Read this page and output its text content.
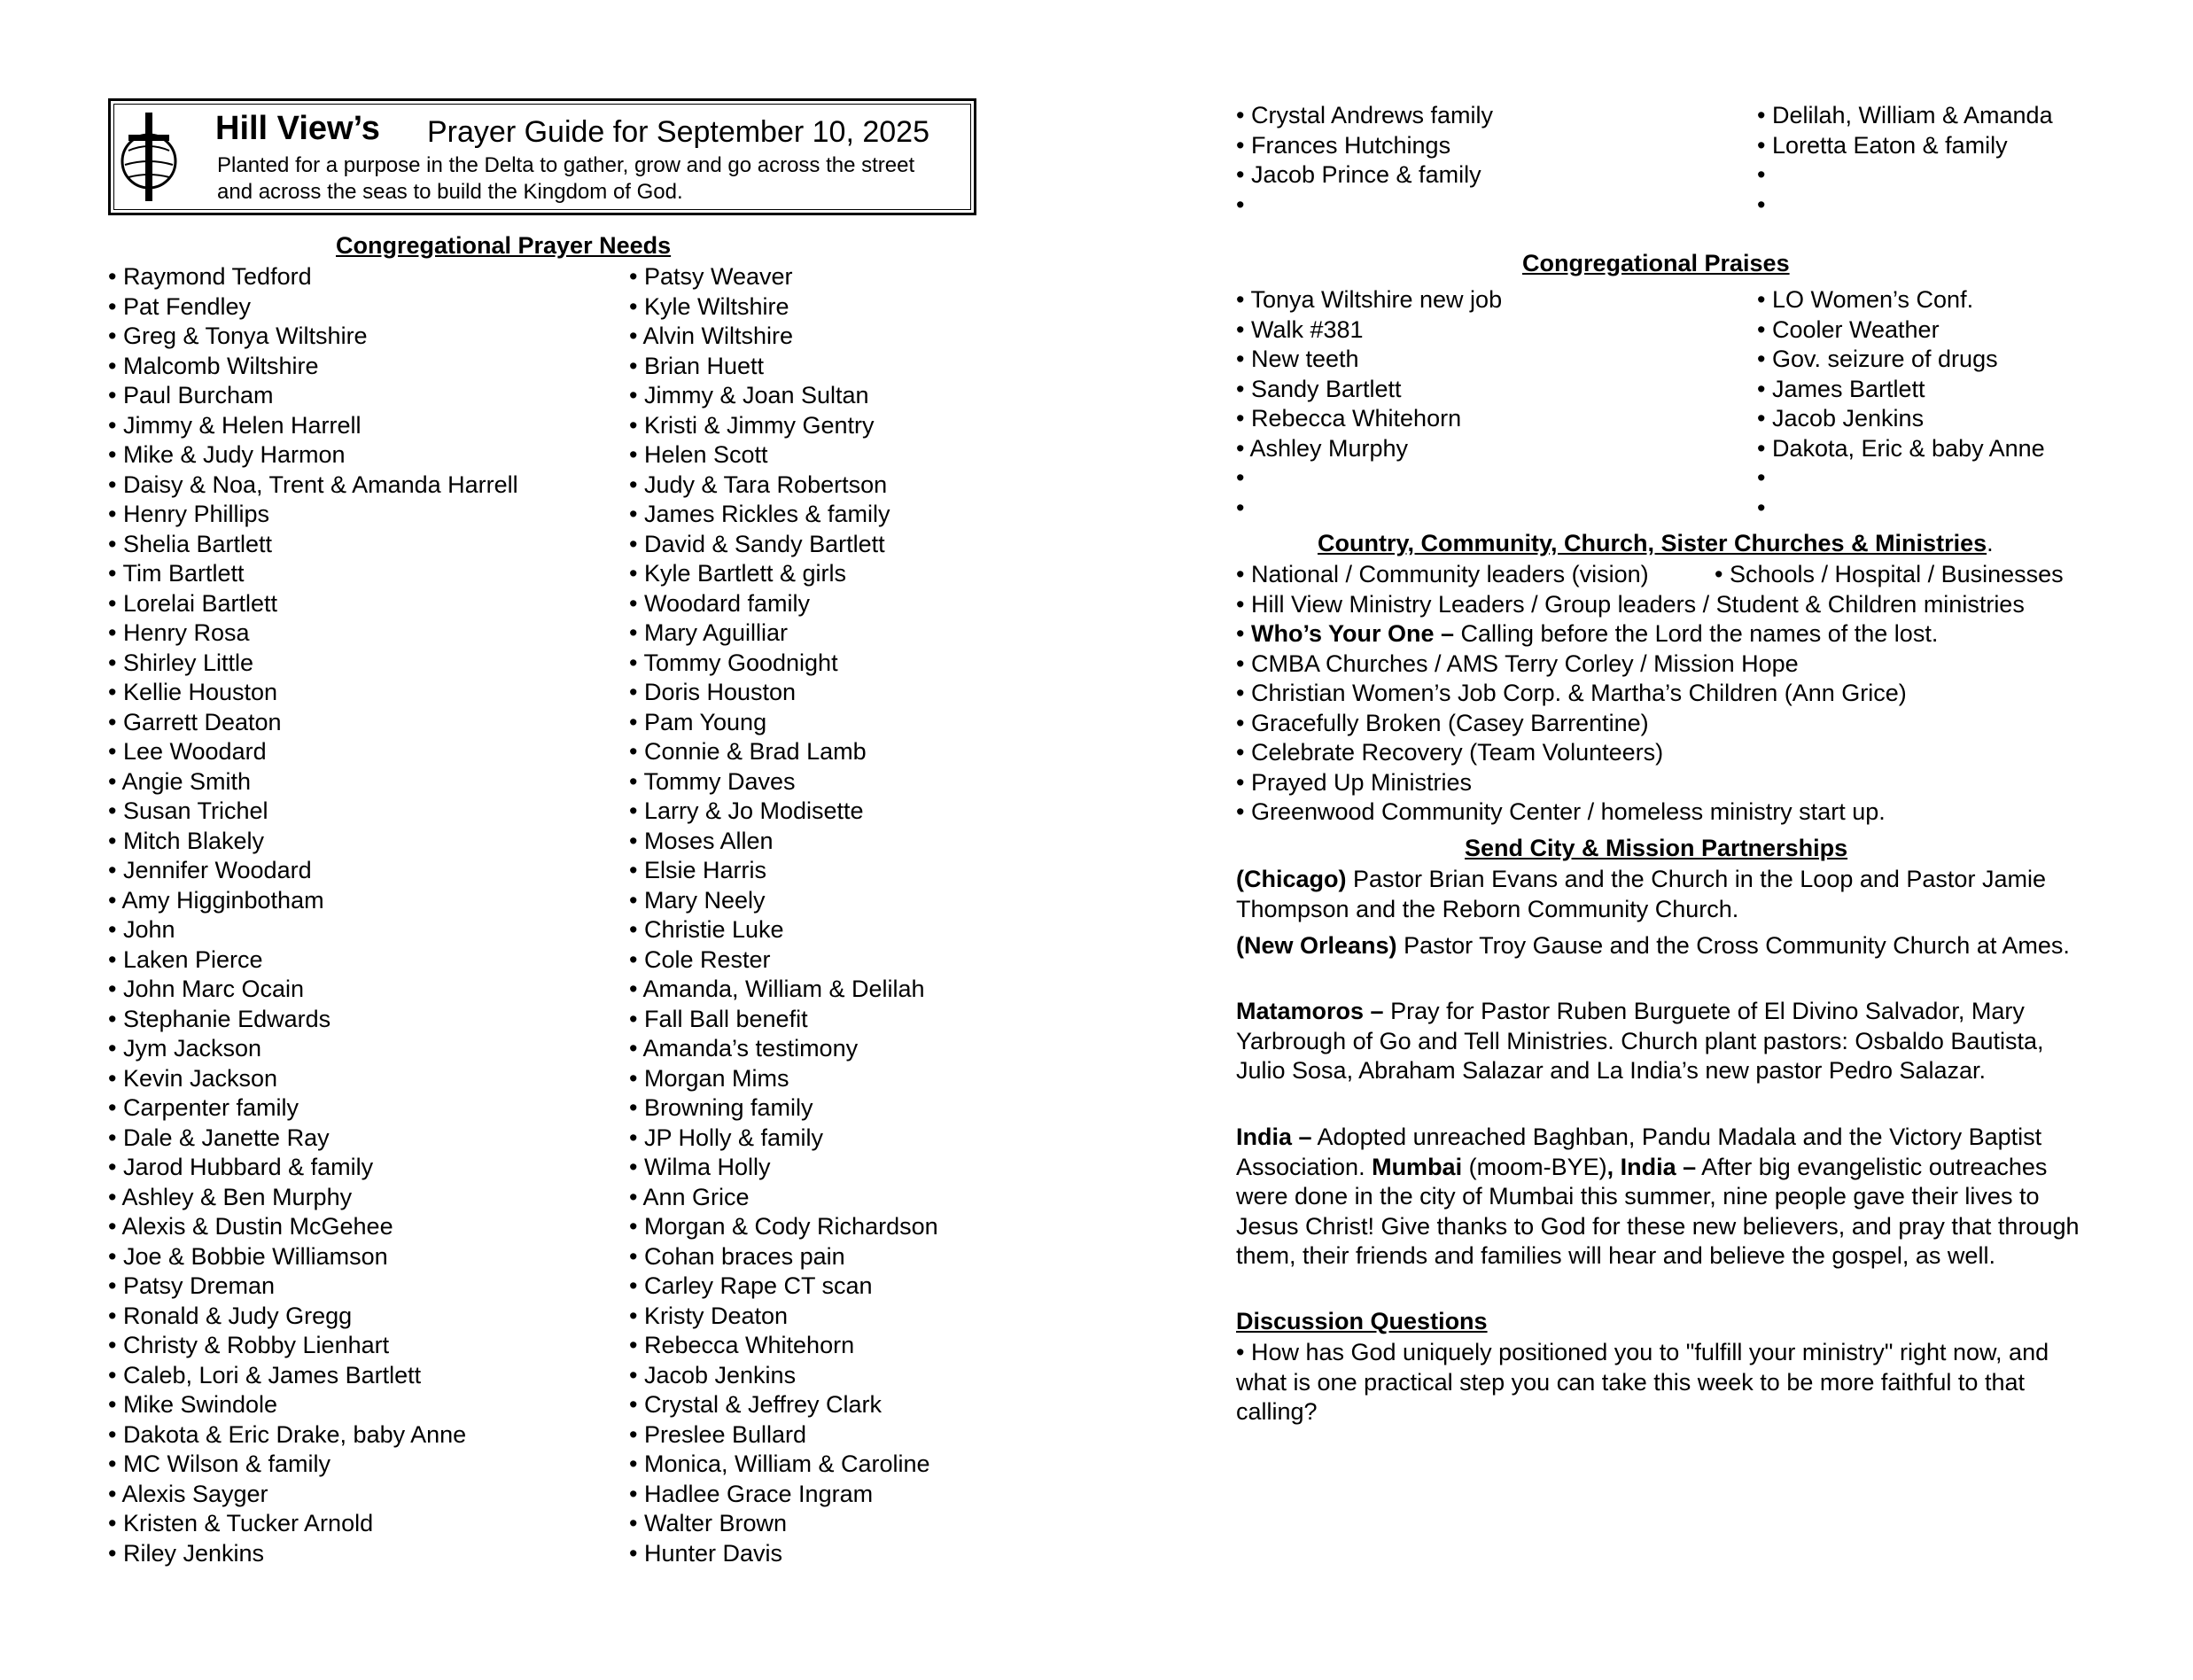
Hill View’s Prayer Guide for September 10, 2025
Planted for a purpose in the Delta to gather, grow and go across the street and across the seas to build the Kingdom of God.
Congregational Prayer Needs
• Raymond Tedford
• Pat Fendley
• Greg & Tonya Wiltshire
• Malcomb Wiltshire
• Paul Burcham
• Jimmy & Helen Harrell
• Mike & Judy Harmon
• Daisy & Noa, Trent & Amanda Harrell
• Henry Phillips
• Shelia Bartlett
• Tim Bartlett
• Lorelai Bartlett
• Henry Rosa
• Shirley Little
• Kellie Houston
• Garrett Deaton
• Lee Woodard
• Angie Smith
• Susan Trichel
• Mitch Blakely
• Jennifer Woodard
• Amy Higginbotham
• John
• Laken Pierce
• John Marc Ocain
• Stephanie Edwards
• Jym Jackson
• Kevin Jackson
• Carpenter family
• Dale & Janette Ray
• Jarod Hubbard & family
• Ashley & Ben Murphy
• Alexis & Dustin McGehee
• Joe & Bobbie Williamson
• Patsy Dreman
• Ronald & Judy Gregg
• Christy & Robby Lienhart
• Caleb, Lori & James Bartlett
• Mike Swindole
• Dakota & Eric Drake, baby Anne
• MC Wilson & family
• Alexis Sayger
• Kristen & Tucker Arnold
• Riley Jenkins
• Patsy Weaver
• Kyle Wiltshire
• Alvin Wiltshire
• Brian Huett
• Jimmy & Joan Sultan
• Kristi & Jimmy Gentry
• Helen Scott
• Judy & Tara Robertson
• James Rickles & family
• David & Sandy Bartlett
• Kyle Bartlett & girls
• Woodard family
• Mary Aguilliar
• Tommy Goodnight
• Doris Houston
• Pam Young
• Connie & Brad Lamb
• Tommy Daves
• Larry & Jo Modisette
• Moses Allen
• Elsie Harris
• Mary Neely
• Christie Luke
• Cole Rester
• Amanda, William & Delilah
• Fall Ball benefit
• Amanda’s testimony
• Morgan Mims
• Browning family
• JP Holly & family
• Wilma Holly
• Ann Grice
• Morgan & Cody Richardson
• Cohan braces pain
• Carley Rape CT scan
• Kristy Deaton
• Rebecca Whitehorn
• Jacob Jenkins
• Crystal & Jeffrey Clark
• Preslee Bullard
• Monica, William & Caroline
• Hadlee Grace Ingram
• Walter Brown
• Hunter Davis
• Crystal Andrews family
• Frances Hutchings
• Jacob Prince & family
•
• Delilah, William & Amanda
• Loretta Eaton & family
•
•
Congregational Praises
• Tonya Wiltshire new job
• Walk #381
• New teeth
• Sandy Bartlett
• Rebecca Whitehorn
• Ashley Murphy
•
•
• LO Women’s Conf.
• Cooler Weather
• Gov. seizure of drugs
• James Bartlett
• Jacob Jenkins
• Dakota, Eric & baby Anne
•
•
Country, Community, Church, Sister Churches & Ministries.
• National / Community leaders (vision)	• Schools / Hospital / Businesses
• Hill View Ministry Leaders / Group leaders / Student & Children ministries
• Who’s Your One – Calling before the Lord the names of the lost.
• CMBA Churches / AMS Terry Corley / Mission Hope
• Christian Women’s Job Corp. & Martha’s Children (Ann Grice)
• Gracefully Broken (Casey Barrentine)
• Celebrate Recovery (Team Volunteers)
• Prayed Up Ministries
• Greenwood Community Center / homeless ministry start up.
Send City & Mission Partnerships
(Chicago) Pastor Brian Evans and the Church in the Loop and Pastor Jamie Thompson and the Reborn Community Church.
(New Orleans) Pastor Troy Gause and the Cross Community Church at Ames.
Matamoros – Pray for Pastor Ruben Burguete of El Divino Salvador, Mary Yarbrough of Go and Tell Ministries. Church plant pastors: Osbaldo Bautista, Julio Sosa, Abraham Salazar and La India’s new pastor Pedro Salazar.
India – Adopted unreached Baghban, Pandu Madala and the Victory Baptist Association. Mumbai (moom-BYE), India – After big evangelistic outreaches were done in the city of Mumbai this summer, nine people gave their lives to Jesus Christ! Give thanks to God for these new believers, and pray that through them, their friends and families will hear and believe the gospel, as well.
Discussion Questions
• How has God uniquely positioned you to "fulfill your ministry" right now, and what is one practical step you can take this week to be more faithful to that calling?
